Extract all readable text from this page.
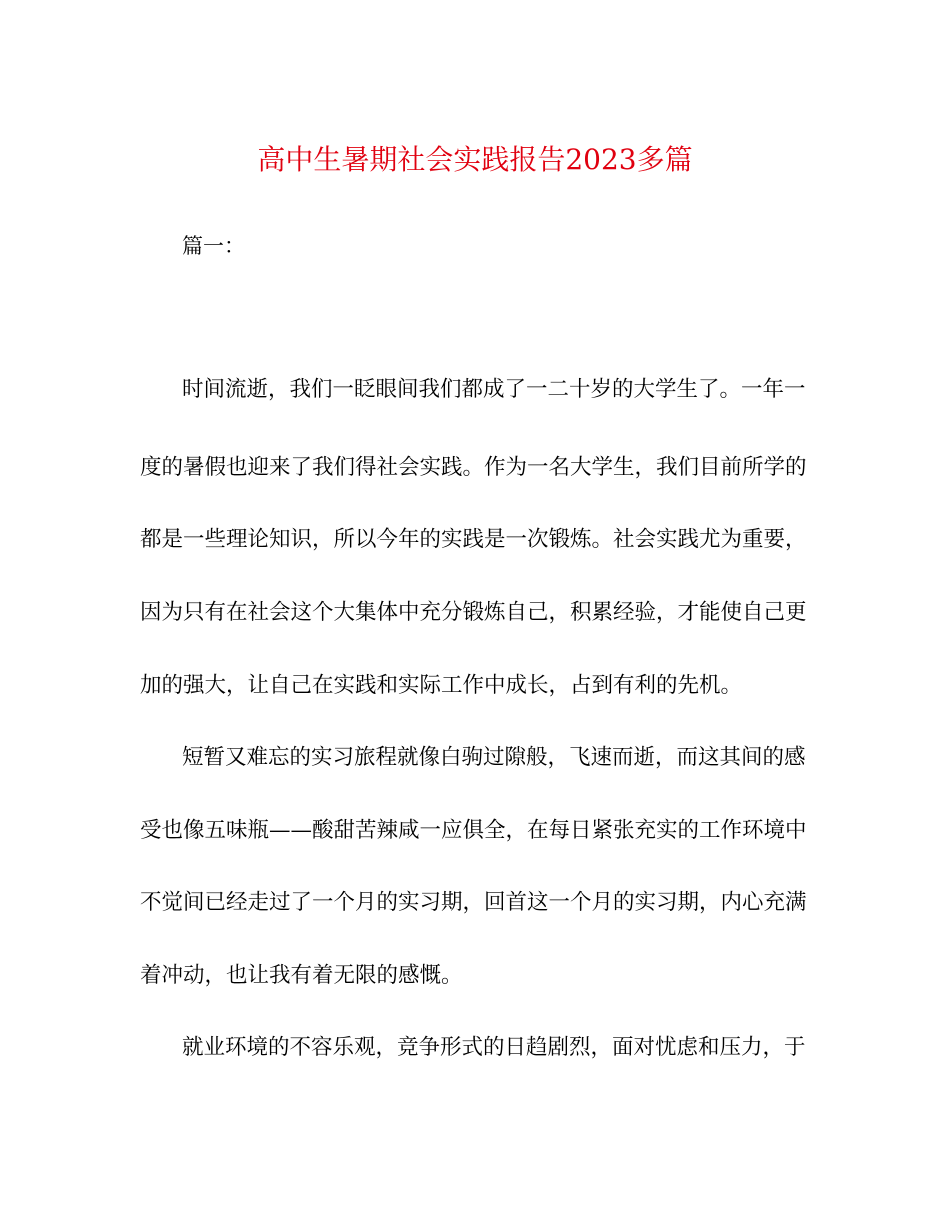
高中生暑期社会实践报告2023多篇

篇一：

时间流逝，我们一眨眼间我们都成了一二十岁的大学生了。一年一

度的暑假也迎来了我们得社会实践。作为一名大学生，我们目前所学的

都是一些理论知识，所以今年的实践是一次锻炼。社会实践尤为重要，

因为只有在社会这个大集体中充分锻炼自己，积累经验，才能使自己更

加的强大，让自己在实践和实际工作中成长，占到有利的先机。

短暂又难忘的实习旅程就像白驹过隙般，飞速而逝，而这其间的感

受也像五味瓶——酸甜苦辣咸一应俱全，在每日紧张充实的工作环境中

不觉间已经走过了一个月的实习期，回首这一个月的实习期，内心充满

着冲动，也让我有着无限的感慨。

就业环境的不容乐观，竞争形式的日趋剧烈，面对忧虑和压力，于
